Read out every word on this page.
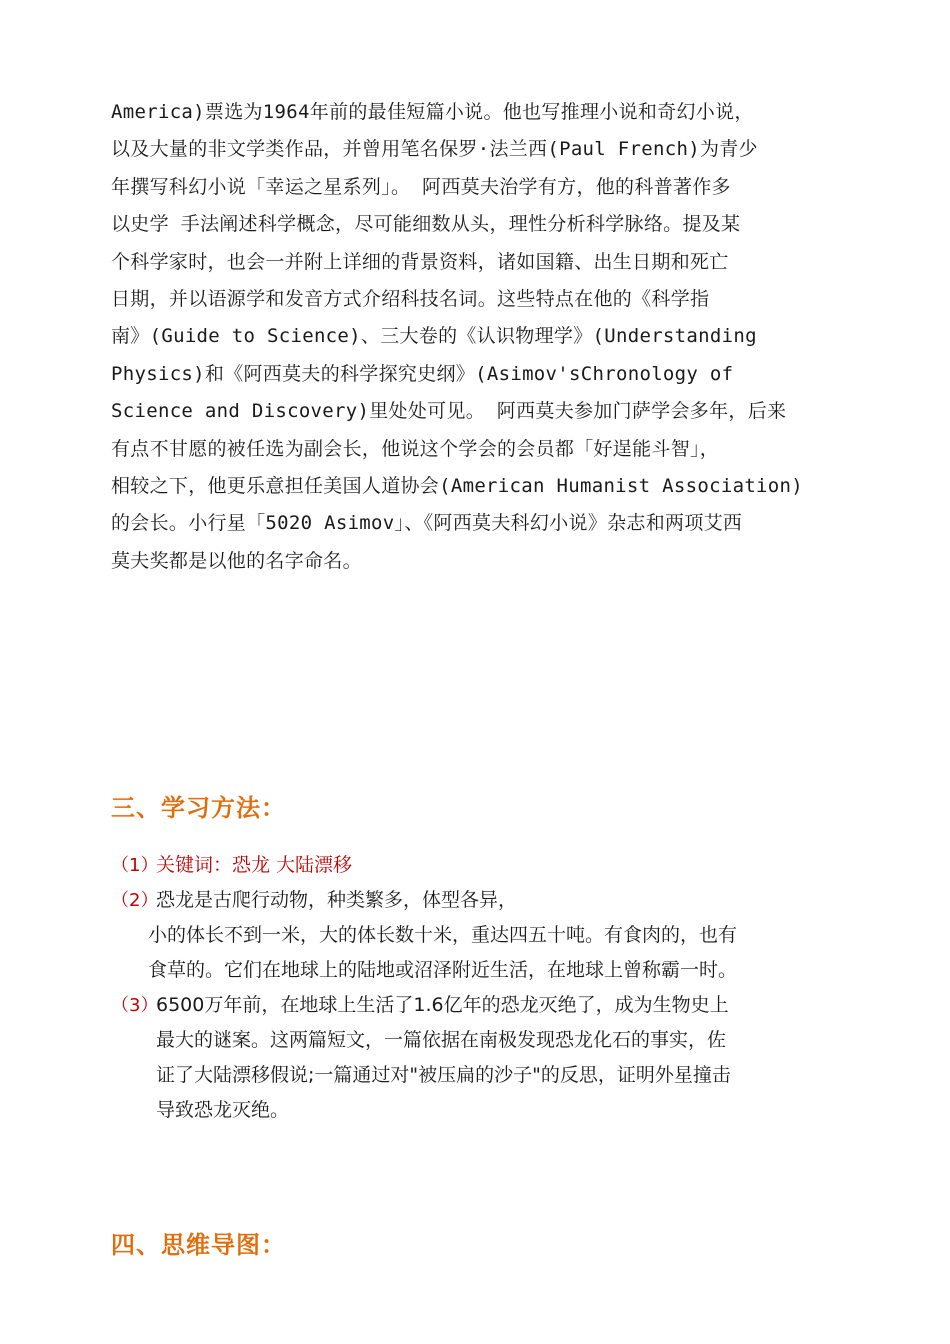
America)票选为1964年前的最佳短篇小说。他也写推理小说和奇幻小说，
以及大量的非文学类作品，并曾用笔名保罗·法兰西(Paul French)为青少
年撰写科幻小说「幸运之星系列」。 阿西莫夫治学有方，他的科普著作多
以史学 手法阐述科学概念，尽可能细数从头，理性分析科学脉络。提及某
个科学家时，也会一并附上详细的背景资料，诸如国籍、出生日期和死亡
日期，并以语源学和发音方式介绍科技名词。这些特点在他的《科学指
南》(Guide to Science)、三大卷的《认识物理学》(Understanding
Physics)和《阿西莫夫的科学探究史纲》(Asimov'sChronology of
Science and Discovery)里处处可见。 阿西莫夫参加门萨学会多年，后来
有点不甘愿的被任选为副会长，他说这个学会的会员都「好逞能斗智」，
相较之下，他更乐意担任美国人道协会(American Humanist Association)
的会长。小行星「5020 Asimov」、《阿西莫夫科幻小说》杂志和两项艾西
莫夫奖都是以他的名字命名。
三、学习方法：
（1）
关键词：恐龙 大陆漂移
（2）
恐龙是古爬行动物，种类繁多，体型各异，
小的体长不到一米，大的体长数十米，重达四五十吨。有食肉的，也有
食草的。它们在地球上的陆地或沼泽附近生活，在地球上曾称霸一时。
（3）
6500万年前，在地球上生活了1.6亿年的恐龙灭绝了，成为生物史上
最大的谜案。这两篇短文，一篇依据在南极发现恐龙化石的事实，佐
证了大陆漂移假说;一篇通过对"被压扁的沙子"的反思，证明外星撞击
导致恐龙灭绝。
四、思维导图：
